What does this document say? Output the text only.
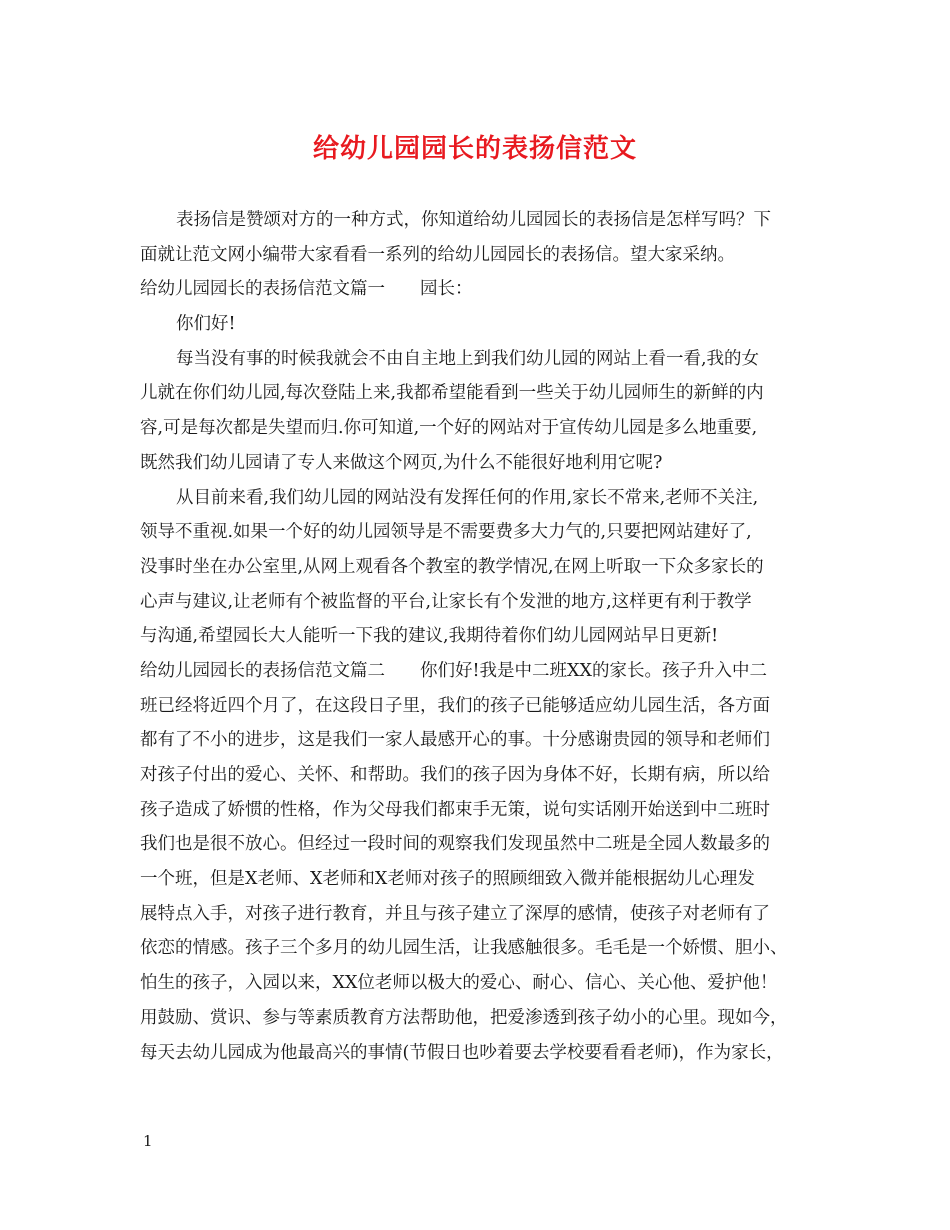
给幼儿园园长的表扬信范文
表扬信是赞颂对方的一种方式，你知道给幼儿园园长的表扬信是怎样写吗？下
面就让范文网小编带大家看看一系列的给幼儿园园长的表扬信。望大家采纳。
给幼儿园园长的表扬信范文篇一　　园长：
你们好!
每当没有事的时候我就会不由自主地上到我们幼儿园的网站上看一看,我的女
儿就在你们幼儿园,每次登陆上来,我都希望能看到一些关于幼儿园师生的新鲜的内
容,可是每次都是失望而归.你可知道,一个好的网站对于宣传幼儿园是多么地重要,
既然我们幼儿园请了专人来做这个网页,为什么不能很好地利用它呢?
从目前来看,我们幼儿园的网站没有发挥任何的作用,家长不常来,老师不关注,
领导不重视.如果一个好的幼儿园领导是不需要费多大力气的,只要把网站建好了,
没事时坐在办公室里,从网上观看各个教室的教学情况,在网上听取一下众多家长的
心声与建议,让老师有个被监督的平台,让家长有个发泄的地方,这样更有利于教学
与沟通,希望园长大人能听一下我的建议,我期待着你们幼儿园网站早日更新!
给幼儿园园长的表扬信范文篇二　　你们好!我是中二班XX的家长。孩子升入中二
班已经将近四个月了，在这段日子里，我们的孩子已能够适应幼儿园生活，各方面
都有了不小的进步，这是我们一家人最感开心的事。十分感谢贵园的领导和老师们
对孩子付出的爱心、关怀、和帮助。我们的孩子因为身体不好，长期有病，所以给
孩子造成了娇惯的性格，作为父母我们都束手无策，说句实话刚开始送到中二班时
我们也是很不放心。但经过一段时间的观察我们发现虽然中二班是全园人数最多的
一个班，但是X老师、X老师和X老师对孩子的照顾细致入微并能根据幼儿心理发
展特点入手，对孩子进行教育，并且与孩子建立了深厚的感情，使孩子对老师有了
依恋的情感。孩子三个多月的幼儿园生活，让我感触很多。毛毛是一个娇惯、胆小、
怕生的孩子，入园以来，XX位老师以极大的爱心、耐心、信心、关心他、爱护他！
用鼓励、赏识、参与等素质教育方法帮助他，把爱渗透到孩子幼小的心里。现如今，
每天去幼儿园成为他最高兴的事情(节假日也吵着要去学校要看看老师)，作为家长，
1
